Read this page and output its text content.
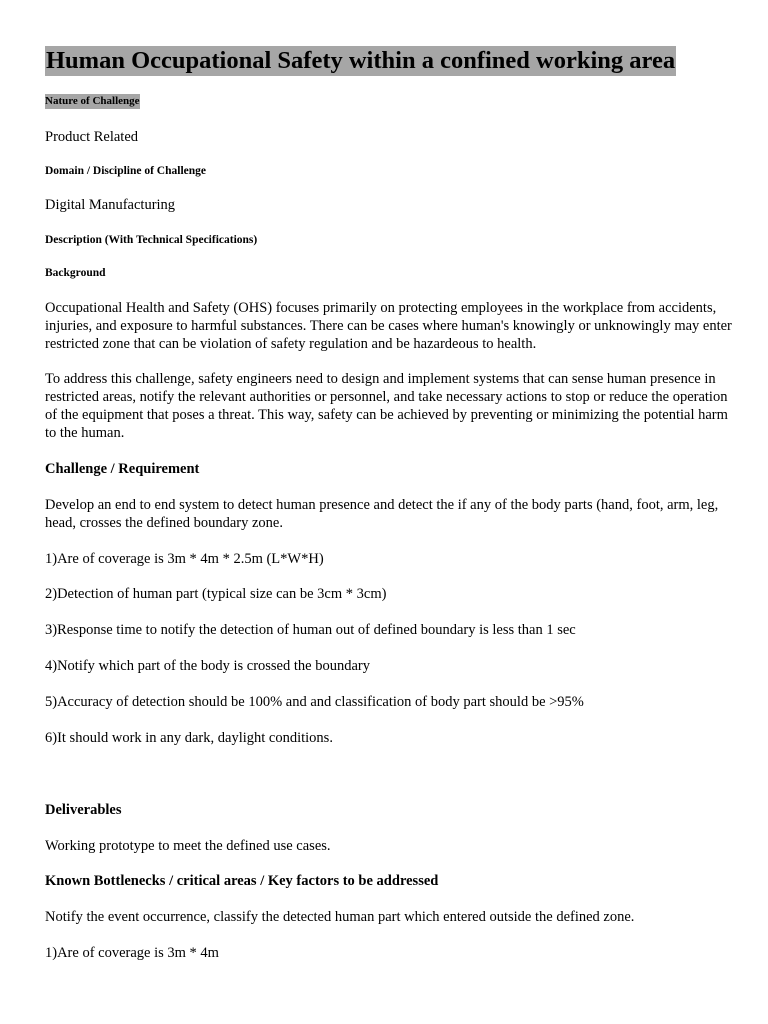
Human Occupational Safety within a confined working area
Nature of Challenge
Product Related
Domain / Discipline of Challenge
Digital Manufacturing
Description (With Technical Specifications)
Background
Occupational Health and Safety (OHS) focuses primarily on protecting employees in the workplace from accidents, injuries, and exposure to harmful substances. There can be cases where human's knowingly or unknowingly may enter restricted zone that can be violation of safety regulation and be hazardeous to health.
To address this challenge, safety engineers need to design and implement systems that can sense human presence in restricted areas, notify the relevant authorities or personnel, and take necessary actions to stop or reduce the operation of the equipment that poses a threat. This way, safety can be achieved by preventing or minimizing the potential harm to the human.
Challenge / Requirement
Develop an end to end system to detect human presence and detect the if any of the body parts (hand, foot, arm, leg, head, crosses the defined boundary zone.
1)Are of coverage is 3m * 4m * 2.5m (L*W*H)
2)Detection of human part (typical size can be 3cm * 3cm)
3)Response time to notify the detection of human out of defined boundary is less than 1 sec
4)Notify which part of the body is crossed the boundary
5)Accuracy of detection should be 100% and and classification of body part should be >95%
6)It should work in any dark, daylight conditions.
Deliverables
Working prototype to meet the defined use cases.
Known Bottlenecks / critical areas / Key factors to be addressed
Notify the event occurrence, classify the detected human part which entered outside the defined zone.
1)Are of coverage is 3m * 4m
